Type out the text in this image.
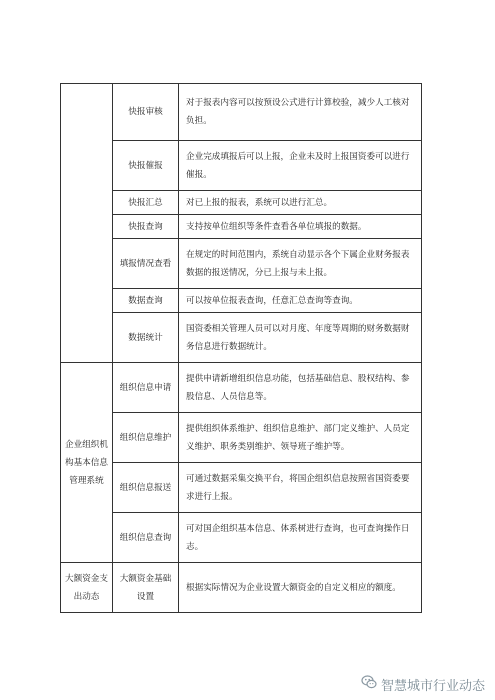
	快报审核	对于报表内容可以按预设公式进行计算校验，减少人工核对负担。
	快报催报	企业完成填报后可以上报，企业未及时上报国资委可以进行催报。
	快报汇总	对已上报的报表，系统可以进行汇总。
	快报查询	支持按单位组织等条件查看各单位填报的数据。
	填报情况查看	在规定的时间范围内，系统自动显示各个下属企业财务报表数据的报送情况，分已上报与未上报。
	数据查询	可以按单位报表查询，任意汇总查询等查询。
	数据统计	国资委相关管理人员可以对月度、年度等周期的财务数据财务信息进行数据统计。
企业组织机构基本信息管理系统	组织信息申请	提供申请新增组织信息功能，包括基础信息、股权结构、参股信息、人员信息等。
	组织信息维护	提供组织体系维护、组织信息维护、部门定义维护、人员定义维护、职务类别维护、领导班子维护等。
	组织信息报送	可通过数据采集交换平台，将国企组织信息按照省国资委要求进行上报。
	组织信息查询	可对国企组织基本信息、体系树进行查询，也可查询操作日志。
大额资金支出动态	大额资金基础设置	根据实际情况为企业设置大额资金的自定义相应的额度。
智慧城市行业动态
